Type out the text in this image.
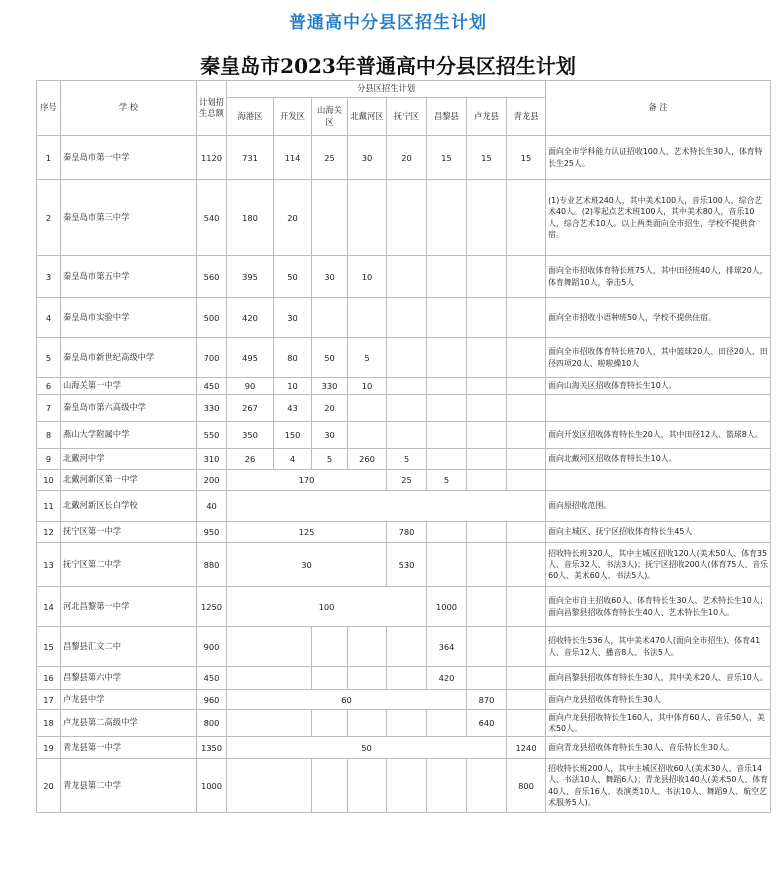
普通高中分县区招生计划
秦皇岛市2023年普通高中分县区招生计划
序号	学 校	计划招生总额	分县区招生计划								备 注
			海港区	开发区	山海关区	北戴河区	抚宁区	昌黎县	卢龙县	青龙县	
1	秦皇岛市第一中学	1120	731	114	25	30	20	15	15	15	面向全市学科能力认证招收100人，艺术特长生30人，体育特长生25人。
2	秦皇岛市第三中学	540	180	20							(1)专业艺术班240人，其中美术100人，音乐100人，综合艺术40人。(2)零起点艺术班100人，其中美术80人，音乐10人，综合艺术10人。以上两类面向全市招生，学校不提供食宿。
3	秦皇岛市第五中学	560	395	50	30	10					面向全市招收体育特长班75人，其中田径班40人，排球20人，体育舞蹈10人，拳击5人
4	秦皇岛市实验中学	500	420	30							面向全市招收小语种班50人，学校不提供住宿。
5	秦皇岛市新世纪高级中学	700	495	80	50	5					面向全市招收体育特长班70人，其中篮球20人、田径20人、田径四项20人、啦啦操10人
6	山海关第一中学	450	90	10	330	10					面向山海关区招收体育特长生10人。
7	秦皇岛市第六高级中学	330	267	43	20						
8	燕山大学附属中学	550	350	150	30						面向开发区招收体育特长生20人，其中田径12人、篮球8人。
9	北戴河中学	310	26	4	5	260	5				面向北戴河区招收体育特长生10人。
10	北戴河新区第一中学	200	170				25	5			
11	北戴河新区长白学校	40									面向原招收范围。
12	抚宁区第一中学	950	125				780				面向主城区、抚宁区招收体育特长生45人
13	抚宁区第二中学	880	30				530				招收特长班320人，其中主城区招收120人(美术50人、体育35人、音乐32人、书法3人)；抚宁区招收200人(体育75人、音乐60人、美术60人、书法5人)。
14	河北昌黎第一中学	1250	100					1000			面向全市自主招收60人、体育特长生30人、艺术特长生10人；面向昌黎县招收体育特长生40人、艺术特长生10人。
15	昌黎县汇文二中	900						364			招收特长生536人，其中美术470人(面向全市招生)、体育41人、音乐12人、播音8人、书法5人。
16	昌黎县第六中学	450						420			面向昌黎县招收体育特长生30人，其中美术20人、音乐10人。
17	卢龙县中学	960	60						870		面向卢龙县招收体育特长生30人
18	卢龙县第二高级中学	800							640		面向卢龙县招收特长生160人，其中体育60人、音乐50人、美术50人。
19	青龙县第一中学	1350	50							1240	面向青龙县招收体育特长生30人、音乐特长生30人。
20	青龙县第二中学	1000								800	招收特长班200人，其中主城区招收60人(美术30人、音乐14人、书法10人、舞蹈6人)；青龙县招收140人(美术50人、体育40人、音乐16人、表演类10人、书法10人、舞蹈9人、航空艺术服务5人)。
